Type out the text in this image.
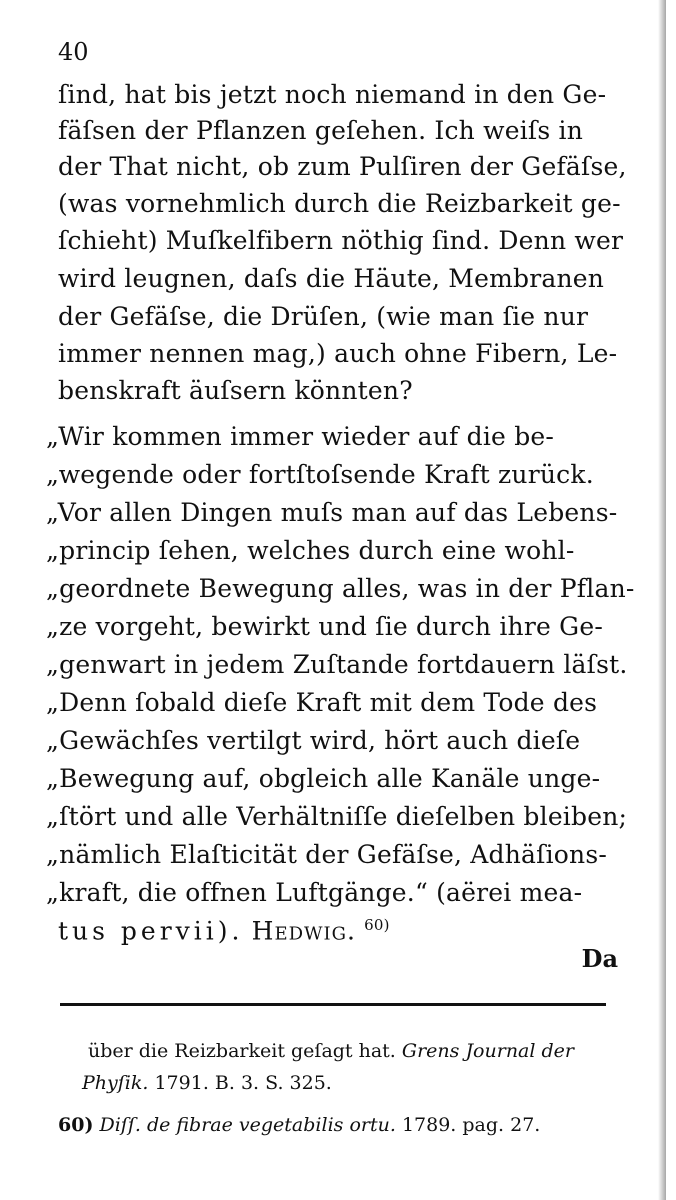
40
ſind, hat bis jetzt noch niemand in den Ge-
fäſsen der Pflanzen geſehen. Ich weiſs in
der That nicht, ob zum Pulſiren der Gefäſse,
(was vornehmlich durch die Reizbarkeit ge-
ſchieht) Muſkelfibern nöthig ſind. Denn wer
wird leugnen, daſs die Häute, Membranen
der Gefäſse, die Drüſen, (wie man ſie nur
immer nennen mag,) auch ohne Fibern, Le-
benskraft äuſsern könnten?
„Wir kommen immer wieder auf die be-
„wegende oder fortſtoſsende Kraft zurück.
„Vor allen Dingen muſs man auf das Lebens-
„princip ſehen, welches durch eine wohl-
„geordnete Bewegung alles, was in der Pflan-
„ze vorgeht, bewirkt und ſie durch ihre Ge-
„genwart in jedem Zuſtande fortdauern läſst.
„Denn ſobald dieſe Kraft mit dem Tode des
„Gewächſes vertilgt wird, hört auch dieſe
„Bewegung auf, obgleich alle Kanäle unge-
„ſtört und alle Verhältniſſe dieſelben bleiben;
„nämlich Elaſticität der Gefäſse, Adhäſions-
„kraft, die offnen Luftgänge.“ (aërei mea-
tus pervii). Hedwig. $^{60)}$
Da
über die Reizbarkeit geſagt hat. Grens Journal der
Phyſik. 1791. B. 3. S. 325.
60) Diſſ. de fibrae vegetabilis ortu. 1789. pag. 27.
